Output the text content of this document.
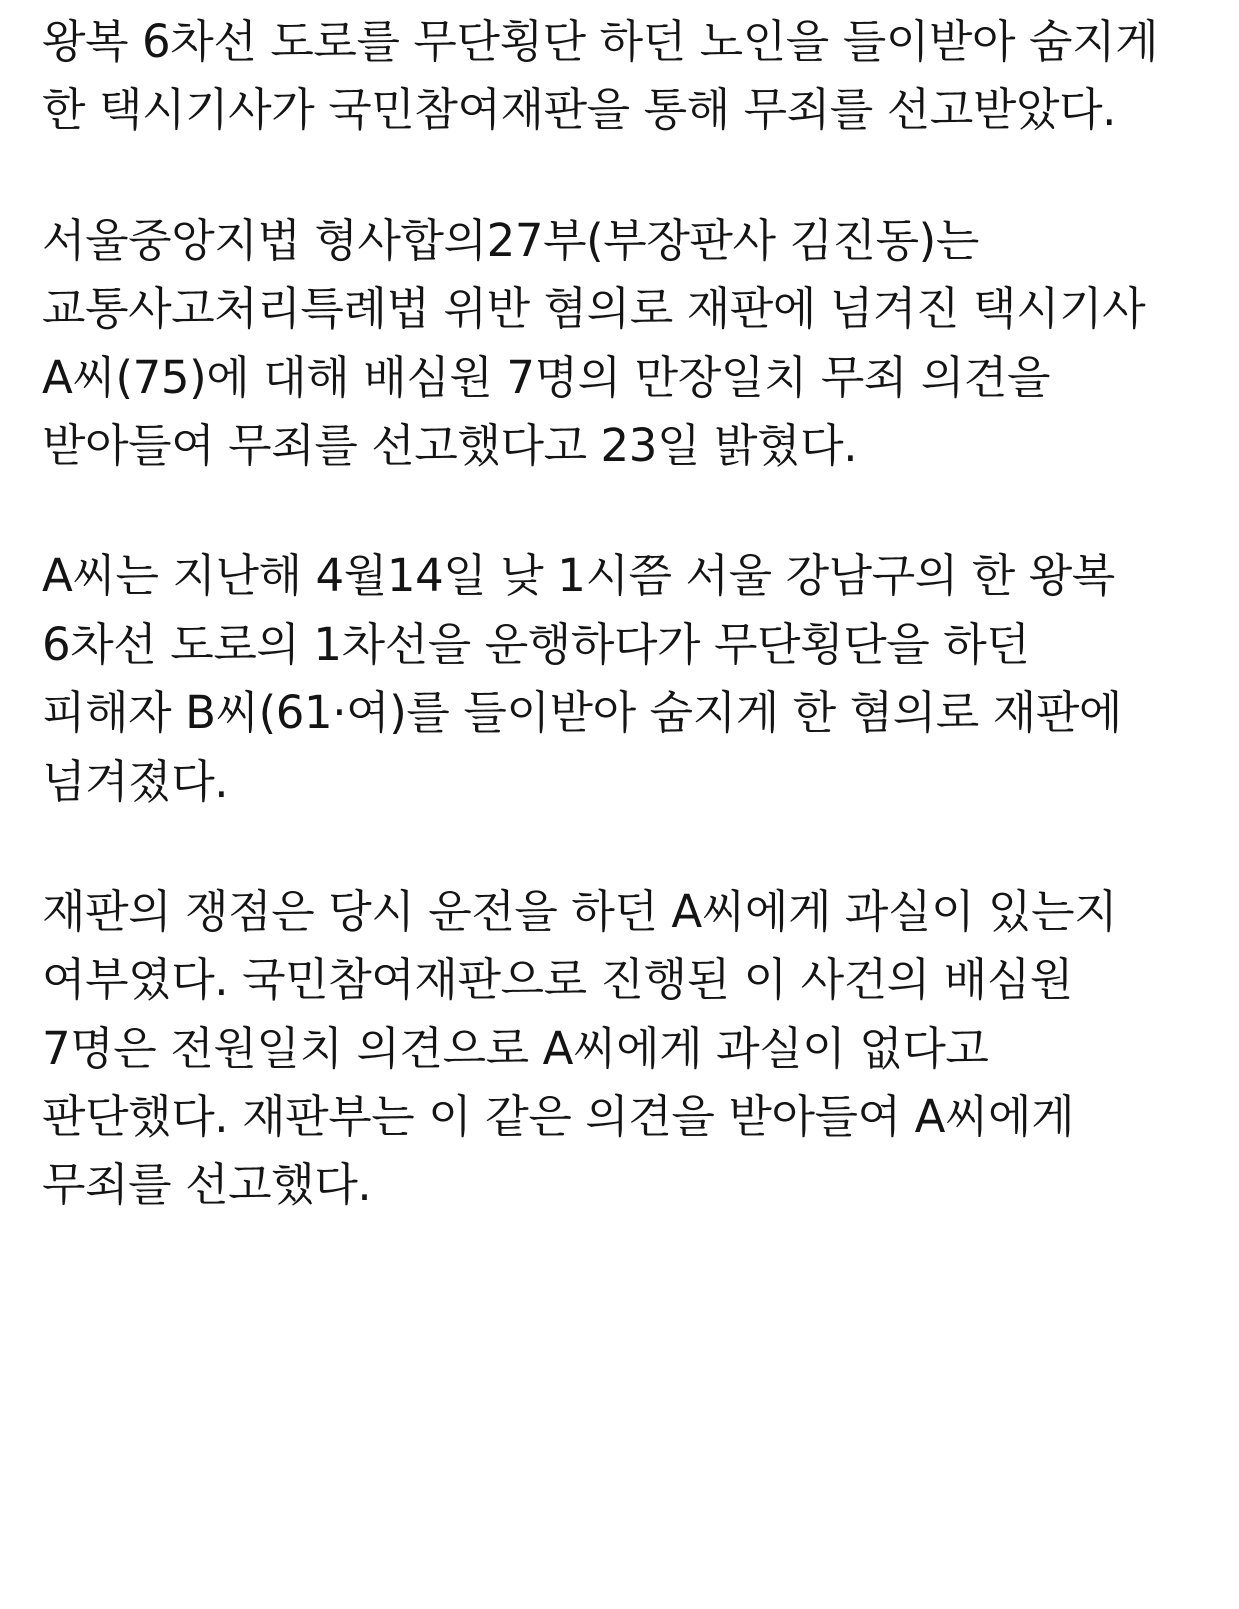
왕복 6차선 도로를 무단횡단 하던 노인을 들이받아 숨지게 한 택시기사가 국민참여재판을 통해 무죄를 선고받았다.

서울중앙지법 형사합의27부(부장판사 김진동)는 교통사고처리특례법 위반 혐의로 재판에 넘겨진 택시기사 A씨(75)에 대해 배심원 7명의 만장일치 무죄 의견을 받아들여 무죄를 선고했다고 23일 밝혔다.

A씨는 지난해 4월14일 낮 1시쯤 서울 강남구의 한 왕복 6차선 도로의 1차선을 운행하다가 무단횡단을 하던 피해자 B씨(61·여)를 들이받아 숨지게 한 혐의로 재판에 넘겨졌다.

재판의 쟁점은 당시 운전을 하던 A씨에게 과실이 있는지 여부였다. 국민참여재판으로 진행된 이 사건의 배심원 7명은 전원일치 의견으로 A씨에게 과실이 없다고 판단했다. 재판부는 이 같은 의견을 받아들여 A씨에게 무죄를 선고했다.
